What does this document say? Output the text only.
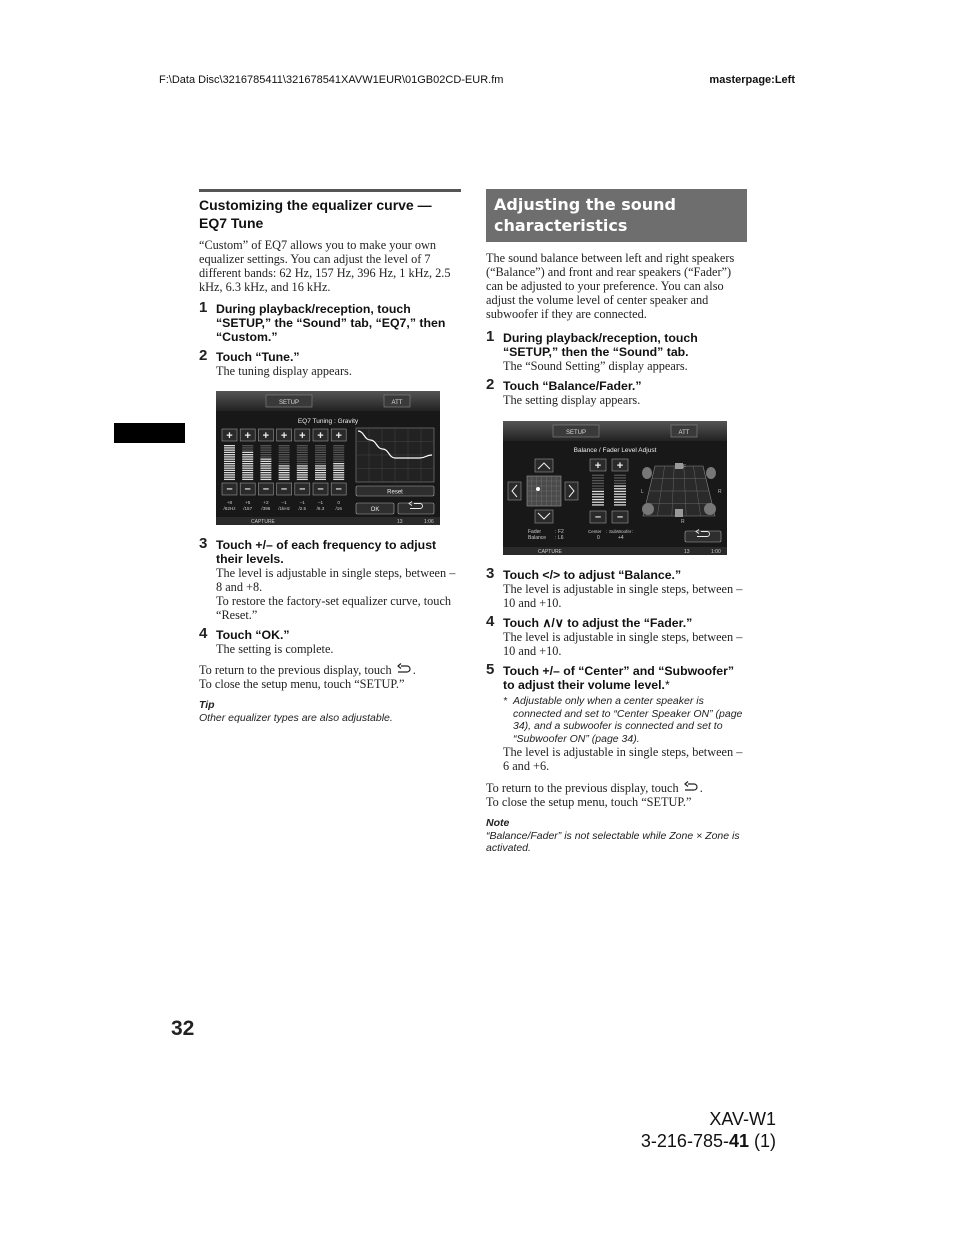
F:\Data Disc\3216785411\321678541XAVW1EUR\01GB02CD-EUR.fm	masterpage:Left
Customizing the equalizer curve — EQ7 Tune
“Custom” of EQ7 allows you to make your own equalizer settings. You can adjust the level of 7 different bands: 62 Hz, 157 Hz, 396 Hz, 1 kHz, 2.5 kHz, 6.3 kHz, and 16 kHz.
1 During playback/reception, touch “SETUP,” the “Sound” tab, “EQ7,” then “Custom.”
2 Touch “Tune.”
The tuning display appears.
SETUP	ATT
EQ7 Tuning : Gravity
+
–
+8
/62Hz
+
–
+5
/157
+
–
+2
/396
+
–
–1
/1kHz
+
–
–1
/2.5
+
–
–1
/6.3
+
–
0
/16
Reset
OK
CAPTURE	13	1:06
3 Touch +/– of each frequency to adjust their levels.
The level is adjustable in single steps, between –8 and +8.
To restore the factory-set equalizer curve, touch “Reset.”
4 Touch “OK.”
The setting is complete.
To return to the previous display, touch .
To close the setup menu, touch “SETUP.”
Tip
Other equalizer types are also adjustable.
Adjusting the sound characteristics
The sound balance between left and right speakers (“Balance”) and front and rear speakers (“Fader”) can be adjusted to your preference. You can also adjust the volume level of center speaker and subwoofer if they are connected.
1 During playback/reception, touch “SETUP,” then the “Sound” tab.
The “Sound Setting” display appears.
2 Touch “Balance/Fader.”
The setting display appears.
SETUP	ATT
Balance / Fader Level Adjust
+ +
– –
F
R
L	R
Fader	: F2
Balance : L6
Center :
0
SubWoofer :
+4
CAPTURE	13	1:00
3 Touch </> to adjust “Balance.”
The level is adjustable in single steps, between –10 and +10.
4 Touch ∧/∨ to adjust the “Fader.”
The level is adjustable in single steps, between –10 and +10.
5 Touch +/– of “Center” and “Subwoofer” to adjust their volume level.*
* Adjustable only when a center speaker is connected and set to “Center Speaker ON” (page 34), and a subwoofer is connected and set to “Subwoofer ON” (page 34).
The level is adjustable in single steps, between –6 and +6.
To return to the previous display, touch .
To close the setup menu, touch “SETUP.”
Note
“Balance/Fader” is not selectable while Zone × Zone is activated.
32
XAV-W1
3-216-785-41 (1)
